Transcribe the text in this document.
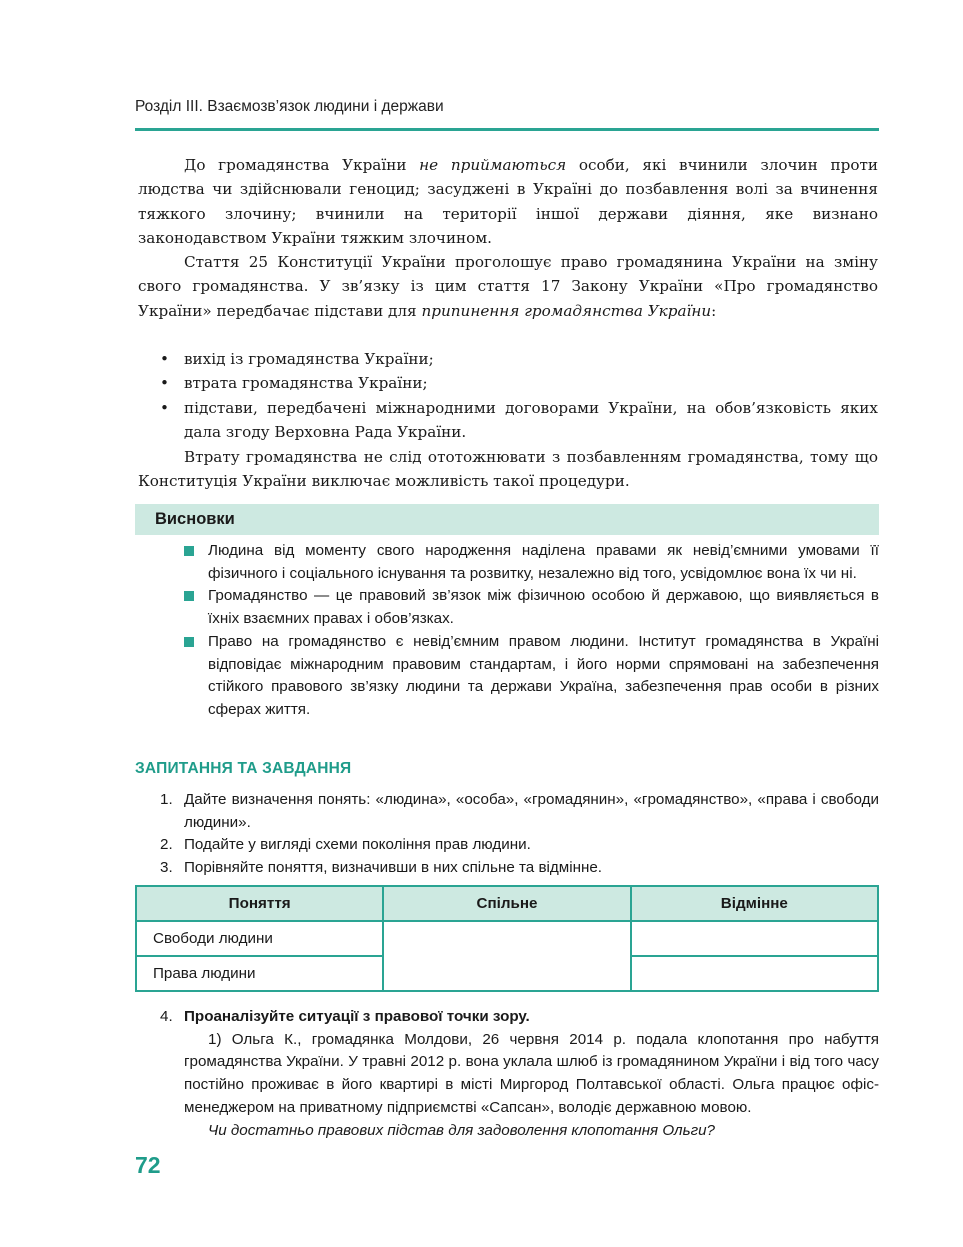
Розділ ІІІ. Взаємозв’язок людини і держави

До громадянства України не приймаються особи, які вчинили злочин проти людства чи здійснювали геноцид; засуджені в Україні до позбавлення волі за вчинення тяжкого злочину; вчинили на території іншої держави діяння, яке визнано законодавством України тяжким злочином.

Стаття 25 Конституції України проголошує право громадянина України на зміну свого громадянства. У зв’язку із цим стаття 17 Закону України «Про громадянство України» передбачає підстави для припинення громадянства України:

• вихід із громадянства України;
• втрата громадянства України;
• підстави, передбачені міжнародними договорами України, на обов’язковість яких дала згоду Верховна Рада України.

Втрату громадянства не слід ототожнювати з позбавленням громадянства, тому що Конституція України виключає можливість такої процедури.

Висновки
Людина від моменту свого народження наділена правами як невід’ємними умовами її фізичного і соціального існування та розвитку, незалежно від того, усвідомлює вона їх чи ні.
Громадянство — це правовий зв’язок між фізичною особою й державою, що виявляється в їхніх взаємних правах і обов’язках.
Право на громадянство є невід’ємним правом людини. Інститут громадянства в Україні відповідає міжнародним правовим стандартам, і його норми спрямовані на забезпечення стійкого правового зв’язку людини та держави Україна, забезпечення прав особи в різних сферах життя.
ЗАПИТАННЯ ТА ЗАВДАННЯ
1. Дайте визначення понять: «людина», «особа», «громадянин», «громадянство», «права і свободи людини».
2. Подайте у вигляді схеми покоління прав людини.
3. Порівняйте поняття, визначивши в них спільне та відмінне.
Поняття	Спільне	Відмінне
Свободи людини		
Права людини		
4. Проаналізуйте ситуації з правової точки зору.
1) Ольга К., громадянка Молдови, 26 червня 2014 р. подала клопотання про набуття громадянства України. У травні 2012 р. вона уклала шлюб із громадянином України і від того часу постійно проживає в його квартирі в місті Миргород Полтавської області. Ольга працює офіс-менеджером на приватному підприємстві «Сапсан», володіє державною мовою.
Чи достатньо правових підстав для задоволення клопотання Ольги?
72
